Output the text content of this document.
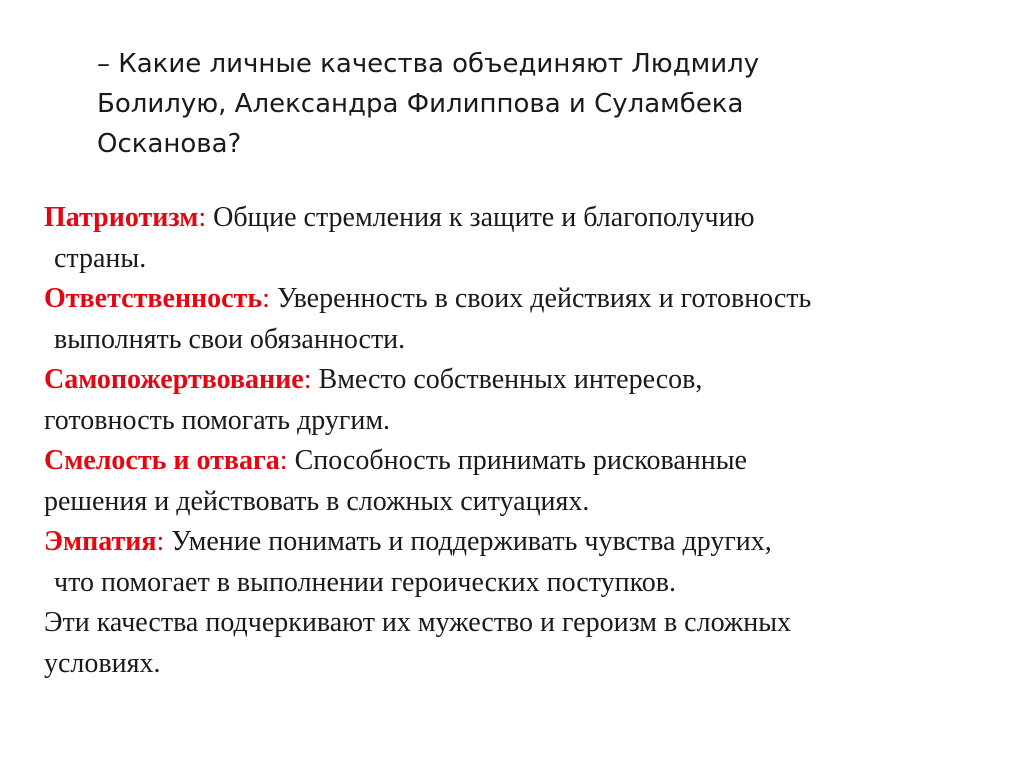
– Какие личные качества объединяют Людмилу
Болилую, Александра Филиппова и Суламбека
Осканова?
Патриотизм: Общие стремления к защите и благополучию
страны.
Ответственность: Уверенность в своих действиях и готовность
выполнять свои обязанности.
Самопожертвование: Вместо собственных интересов,
готовность помогать другим.
Смелость и отвага: Способность принимать рискованные
решения и действовать в сложных ситуациях.
Эмпатия: Умение понимать и поддерживать чувства других,
что помогает в выполнении героических поступков.
Эти качества подчеркивают их мужество и героизм в сложных
условиях.
